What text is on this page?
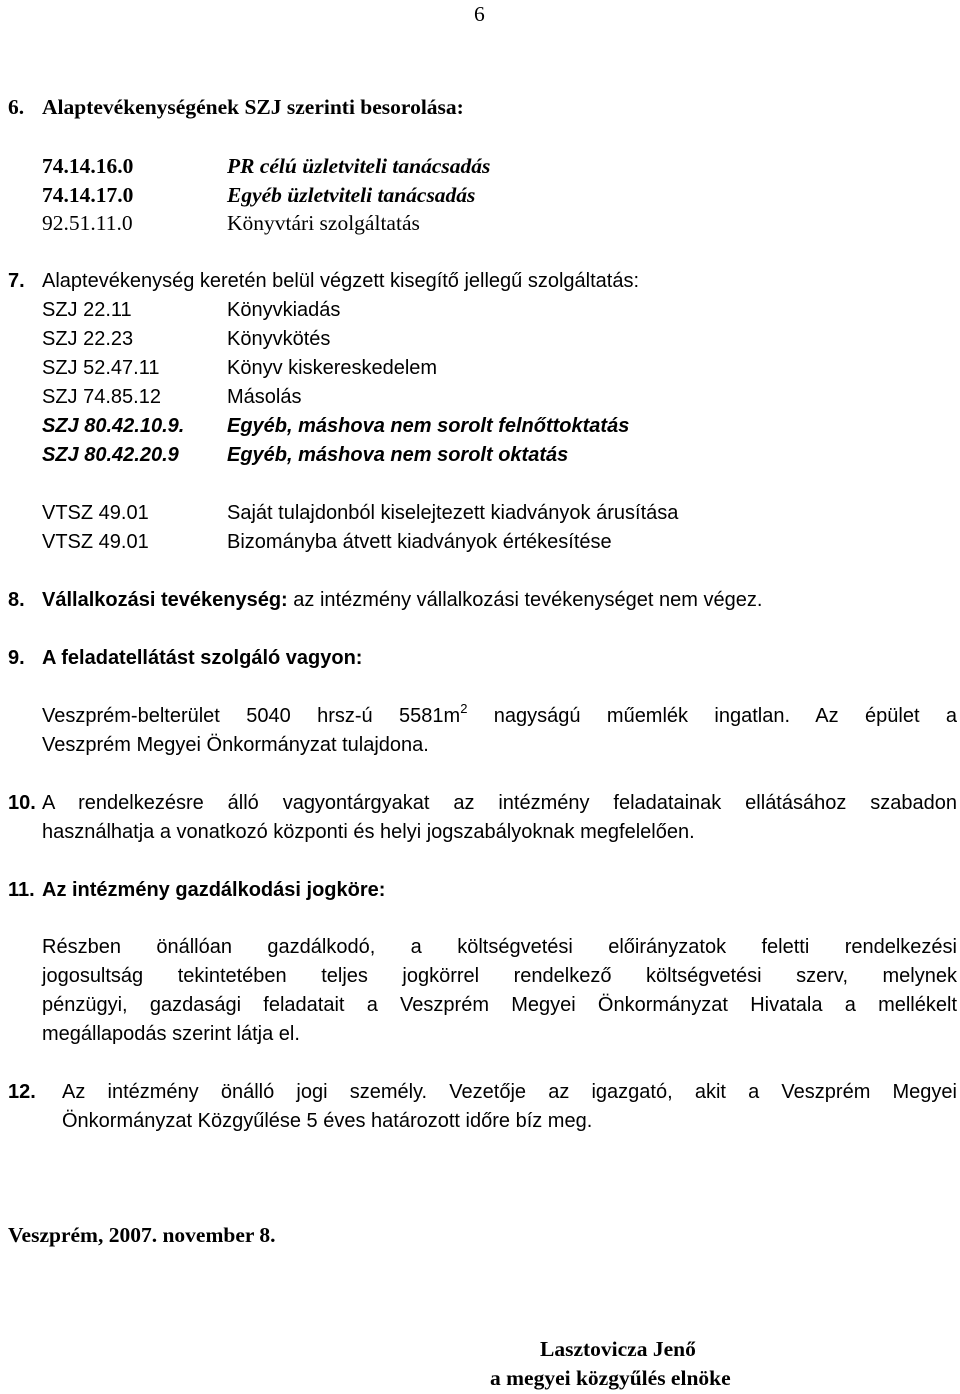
6
6. Alaptevékenységének SZJ szerinti besorolása:
74.14.16.0	PR célú üzletviteli tanácsadás
74.14.17.0	Egyéb üzletviteli tanácsadás
92.51.11.0	Könyvtári szolgáltatás
7. Alaptevékenység keretén belül végzett kisegítő jellegű szolgáltatás:
SZJ 22.11	Könyvkiadás
SZJ 22.23	Könyvkötés
SZJ 52.47.11	Könyv kiskereskedelem
SZJ 74.85.12	Másolás
SZJ 80.42.10.9. Egyéb, máshova nem sorolt felnőttoktatás
SZJ 80.42.20.9 Egyéb, máshova nem sorolt oktatás
VTSZ 49.01	Saját tulajdonból kiselejtezett kiadványok árusítása
VTSZ 49.01	Bizományba átvett kiadványok értékesítése
8. Vállalkozási tevékenység: az intézmény vállalkozási tevékenységet nem végez.
9. A feladatellátást szolgáló vagyon:
Veszprém-belterület 5040 hrsz-ú $5581m^2$ nagyságú műemlék ingatlan. Az épület a
Veszprém Megyei Önkormányzat tulajdona.
10. A rendelkezésre álló vagyontárgyakat az intézmény feladatainak ellátásához szabadon
használhatja a vonatkozó központi és helyi jogszabályoknak megfelelően.
11. Az intézmény gazdálkodási jogköre:
Részben önállóan gazdálkodó, a költségvetési előirányzatok feletti rendelkezési
jogosultság tekintetében teljes jogkörrel rendelkező költségvetési szerv, melynek
pénzügyi, gazdasági feladatait a Veszprém Megyei Önkormányzat Hivatala a mellékelt
megállapodás szerint látja el.
12. Az intézmény önálló jogi személy. Vezetője az igazgató, akit a Veszprém Megyei
Önkormányzat Közgyűlése 5 éves határozott időre bíz meg.
Veszprém, 2007. november 8.
Lasztovicza Jenő
a megyei közgyűlés elnöke
